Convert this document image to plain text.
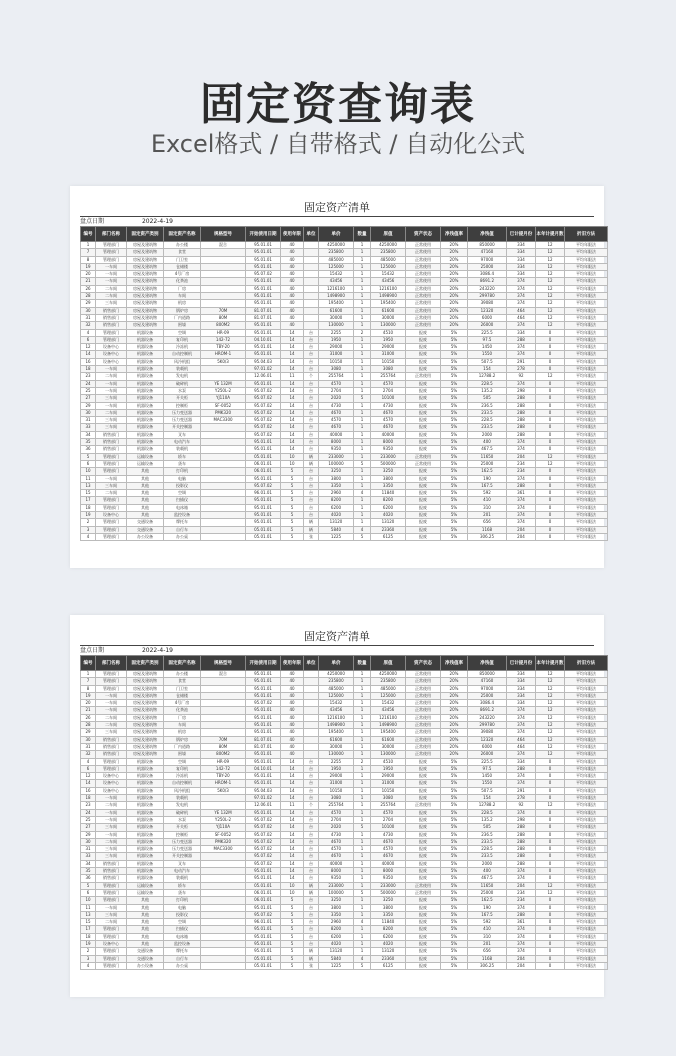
固定资查询表
Excel格式 / 自带格式 / 自动化公式
固定资产清单
盘点日期	2022-4-19
编号	部门名称	固定资产类别	固定资产名称	规格型号	开始使用日期	使用年限	单位	单价	数量	原值	资产状态	净残值率	净残值	已计提月份	本年计提月数	折旧方法
1	管理部门	房屋及建筑物	办公楼	混合	95.01.01	40		4250000	1	4250000	正常使用	20%	850000	334	12	平均年限法
7	管理部门	房屋及建筑物	食堂		95.01.01	40		235800	1	235800	正常使用	20%	47160	334	12	平均年限法
8	管理部门	房屋及建筑物	门卫室		95.01.01	40		485000	1	485000	正常使用	20%	97000	334	12	平均年限法
19	一车间	房屋及建筑物	仓储楼		95.01.01	40		125000	1	125000	正常使用	20%	25000	334	12	平均年限法
20	一车间	房屋及建筑物	4号厂房		95.07.02	40		15432	1	15432	正常使用	20%	3086.4	334	12	平均年限法
21	一车间	房屋及建筑物	化粪池		95.01.01	40		43456	1	43456	正常使用	20%	8691.2	374	12	平均年限法
26	二车间	房屋及建筑物	厂房		95.01.01	40		1216100	1	1216100	正常使用	20%	243220	374	12	平均年限法
28	二车间	房屋及建筑物	车间		95.01.01	40		1498900	1	1498900	正常使用	20%	299780	374	12	平均年限法
29	三车间	房屋及建筑物	机房		95.01.01	40		195400	1	195400	正常使用	20%	39080	374	12	平均年限法
30	销售部门	房屋及建筑物	锅炉房	70M	81.07.01	40		61600	1	61600	正常使用	20%	12320	464	12	平均年限法
31	销售部门	房屋及建筑物	厂内道路	80M	81.07.01	40		30000	1	30000	正常使用	20%	6000	464	12	平均年限法
32	销售部门	房屋及建筑物	围墙	800M2	95.01.01	40		130000	1	130000	正常使用	20%	26000	374	12	平均年限法
4	管理部门	机器设备	空调	HR-09	95.01.01	14	台	2255	2	4510	报废	5%	225.5	334	0	平均年限法
6	管理部门	机器设备	复印机	142-72	04.10.01	14	台	1950	1	1950	报废	5%	97.5	288	0	平均年限法
12	设备中心	机器设备	冷冻机	TBY-20	95.01.01	14	台	29000	1	29000	报废	5%	1450	374	0	平均年限法
14	设备中心	机器设备	自动控制机	HROM-1	95.01.01	14	台	31000	1	31000	报废	5%	1550	374	0	平均年限法
16	设备中心	机器设备	风冷机组	5K0/3	95.04.03	14	台	10150	1	10150	报废	5%	507.5	291	0	平均年限法
18	一车间	机器设备	装载机		97.01.02	14	台	3080	1	3080	报废	5%	154	278	0	平均年限法
23	二车间	机器设备	发电机		12.06.01	11	个	255764	1	255764	正常使用	5%	12788.2	92	12	平均年限法
24	一车间	机器设备	破碎机	YE 132M	95.01.01	14	台	4570	1	4570	报废	5%	228.5	374	0	平均年限法
25	一车间	机器设备	水泵	Y250L-2	95.07.02	14	台	2704	1	2704	报废	5%	135.2	298	0	平均年限法
27	三车间	机器设备	开关柜	YJ110A	95.07.02	14	台	2020	5	10100	报废	5%	505	288	0	平均年限法
29	一车间	机器设备	控制柜	SF-0052	95.07.02	14	台	4730	1	4730	报废	5%	236.5	288	0	平均年限法
30	二车间	机器设备	压力变送器	PMK320	95.07.02	14	台	4670	1	4670	报废	5%	233.5	288	0	平均年限法
31	三车间	机器设备	压力变送器	MAC3300	95.07.02	14	台	4570	1	4570	报废	5%	228.5	288	0	平均年限法
33	三车间	机器设备	开关控制器		95.07.02	14	台	4670	1	4670	报废	5%	233.5	288	0	平均年限法
34	销售部门	机器设备	叉车		95.07.02	14	台	40000	1	40000	报废	5%	2000	288	0	平均年限法
35	销售部门	机器设备	电动汽车		95.01.01	14	台	8000	1	8000	报废	5%	400	374	0	平均年限法
36	销售部门	机器设备	装载机		95.01.01	14	台	9350	1	9350	报废	5%	467.5	374	0	平均年限法
5	管理部门	运输设备	轿车		05.01.01	10	辆	233000	1	233000	正常使用	5%	11650	204	12	平均年限法
6	管理部门	运输设备	货车		06.01.01	10	辆	100000	5	500000	正常使用	5%	25000	234	12	平均年限法
10	管理部门	其他	打印机		06.01.01	5	台	3250	1	3250	报废	5%	162.5	234	0	平均年限法
11	一车间	其他	电脑		95.01.01	5	台	3800	1	3800	报废	5%	190	374	0	平均年限法
13	三车间	其他	投影仪		95.07.02	5	台	3350	1	3350	报废	5%	167.5	288	0	平均年限法
15	二车间	其他	空调		96.01.01	5	台	2960	4	11840	报废	5%	592	361	0	平均年限法
17	管理部门	其他	扫描仪		95.01.01	5	台	8200	1	8200	报废	5%	410	374	0	平均年限法
18	管理部门	其他	电冰箱		95.01.01	5	台	6200	1	6200	报废	5%	310	374	0	平均年限法
19	设备中心	其他	监控设备		95.01.01	5	台	4020	1	4020	报废	5%	201	374	0	平均年限法
2	管理部门	交通设备	摩托车		95.01.01	5	辆	13120	1	13120	报废	5%	656	374	0	平均年限法
3	管理部门	交通设备	自行车		05.01.01	5	辆	5840	4	23360	报废	5%	1168	204	0	平均年限法
4	管理部门	办公设备	办公桌		05.01.01	5	张	1225	5	6125	报废	5%	306.25	204	0	平均年限法
固定资产清单
盘点日期	2022-4-19
编号	部门名称	固定资产类别	固定资产名称	规格型号	开始使用日期	使用年限	单位	单价	数量	原值	资产状态	净残值率	净残值	已计提月份	本年计提月数	折旧方法
1	管理部门	房屋及建筑物	办公楼	混合	95.01.01	40		4250000	1	4250000	正常使用	20%	850000	334	12	平均年限法
7	管理部门	房屋及建筑物	食堂		95.01.01	40		235800	1	235800	正常使用	20%	47160	334	12	平均年限法
8	管理部门	房屋及建筑物	门卫室		95.01.01	40		485000	1	485000	正常使用	20%	97000	334	12	平均年限法
19	一车间	房屋及建筑物	仓储楼		95.01.01	40		125000	1	125000	正常使用	20%	25000	334	12	平均年限法
20	一车间	房屋及建筑物	4号厂房		95.07.02	40		15432	1	15432	正常使用	20%	3086.4	334	12	平均年限法
21	一车间	房屋及建筑物	化粪池		95.01.01	40		43456	1	43456	正常使用	20%	8691.2	374	12	平均年限法
26	二车间	房屋及建筑物	厂房		95.01.01	40		1216100	1	1216100	正常使用	20%	243220	374	12	平均年限法
28	二车间	房屋及建筑物	车间		95.01.01	40		1498900	1	1498900	正常使用	20%	299780	374	12	平均年限法
29	三车间	房屋及建筑物	机房		95.01.01	40		195400	1	195400	正常使用	20%	39080	374	12	平均年限法
30	销售部门	房屋及建筑物	锅炉房	70M	81.07.01	40		61600	1	61600	正常使用	20%	12320	464	12	平均年限法
31	销售部门	房屋及建筑物	厂内道路	80M	81.07.01	40		30000	1	30000	正常使用	20%	6000	464	12	平均年限法
32	销售部门	房屋及建筑物	围墙	800M2	95.01.01	40		130000	1	130000	正常使用	20%	26000	374	12	平均年限法
4	管理部门	机器设备	空调	HR-09	95.01.01	14	台	2255	2	4510	报废	5%	225.5	334	0	平均年限法
6	管理部门	机器设备	复印机	142-72	04.10.01	14	台	1950	1	1950	报废	5%	97.5	288	0	平均年限法
12	设备中心	机器设备	冷冻机	TBY-20	95.01.01	14	台	29000	1	29000	报废	5%	1450	374	0	平均年限法
14	设备中心	机器设备	自动控制机	HROM-1	95.01.01	14	台	31000	1	31000	报废	5%	1550	374	0	平均年限法
16	设备中心	机器设备	风冷机组	5K0/3	95.04.03	14	台	10150	1	10150	报废	5%	507.5	291	0	平均年限法
18	一车间	机器设备	装载机		97.01.02	14	台	3080	1	3080	报废	5%	154	278	0	平均年限法
23	二车间	机器设备	发电机		12.06.01	11	个	255764	1	255764	正常使用	5%	12788.2	92	12	平均年限法
24	一车间	机器设备	破碎机	YE 132M	95.01.01	14	台	4570	1	4570	报废	5%	228.5	374	0	平均年限法
25	一车间	机器设备	水泵	Y250L-2	95.07.02	14	台	2704	1	2704	报废	5%	135.2	298	0	平均年限法
27	三车间	机器设备	开关柜	YJ110A	95.07.02	14	台	2020	5	10100	报废	5%	505	288	0	平均年限法
29	一车间	机器设备	控制柜	SF-0052	95.07.02	14	台	4730	1	4730	报废	5%	236.5	288	0	平均年限法
30	二车间	机器设备	压力变送器	PMK320	95.07.02	14	台	4670	1	4670	报废	5%	233.5	288	0	平均年限法
31	三车间	机器设备	压力变送器	MAC3300	95.07.02	14	台	4570	1	4570	报废	5%	228.5	288	0	平均年限法
33	三车间	机器设备	开关控制器		95.07.02	14	台	4670	1	4670	报废	5%	233.5	288	0	平均年限法
34	销售部门	机器设备	叉车		95.07.02	14	台	40000	1	40000	报废	5%	2000	288	0	平均年限法
35	销售部门	机器设备	电动汽车		95.01.01	14	台	8000	1	8000	报废	5%	400	374	0	平均年限法
36	销售部门	机器设备	装载机		95.01.01	14	台	9350	1	9350	报废	5%	467.5	374	0	平均年限法
5	管理部门	运输设备	轿车		05.01.01	10	辆	233000	1	233000	正常使用	5%	11650	204	12	平均年限法
6	管理部门	运输设备	货车		06.01.01	10	辆	100000	5	500000	正常使用	5%	25000	234	12	平均年限法
10	管理部门	其他	打印机		06.01.01	5	台	3250	1	3250	报废	5%	162.5	234	0	平均年限法
11	一车间	其他	电脑		95.01.01	5	台	3800	1	3800	报废	5%	190	374	0	平均年限法
13	三车间	其他	投影仪		95.07.02	5	台	3350	1	3350	报废	5%	167.5	288	0	平均年限法
15	二车间	其他	空调		96.01.01	5	台	2960	4	11840	报废	5%	592	361	0	平均年限法
17	管理部门	其他	扫描仪		95.01.01	5	台	8200	1	8200	报废	5%	410	374	0	平均年限法
18	管理部门	其他	电冰箱		95.01.01	5	台	6200	1	6200	报废	5%	310	374	0	平均年限法
19	设备中心	其他	监控设备		95.01.01	5	台	4020	1	4020	报废	5%	201	374	0	平均年限法
2	管理部门	交通设备	摩托车		95.01.01	5	辆	13120	1	13120	报废	5%	656	374	0	平均年限法
3	管理部门	交通设备	自行车		05.01.01	5	辆	5840	4	23360	报废	5%	1168	204	0	平均年限法
4	管理部门	办公设备	办公桌		05.01.01	5	张	1225	5	6125	报废	5%	306.25	204	0	平均年限法
